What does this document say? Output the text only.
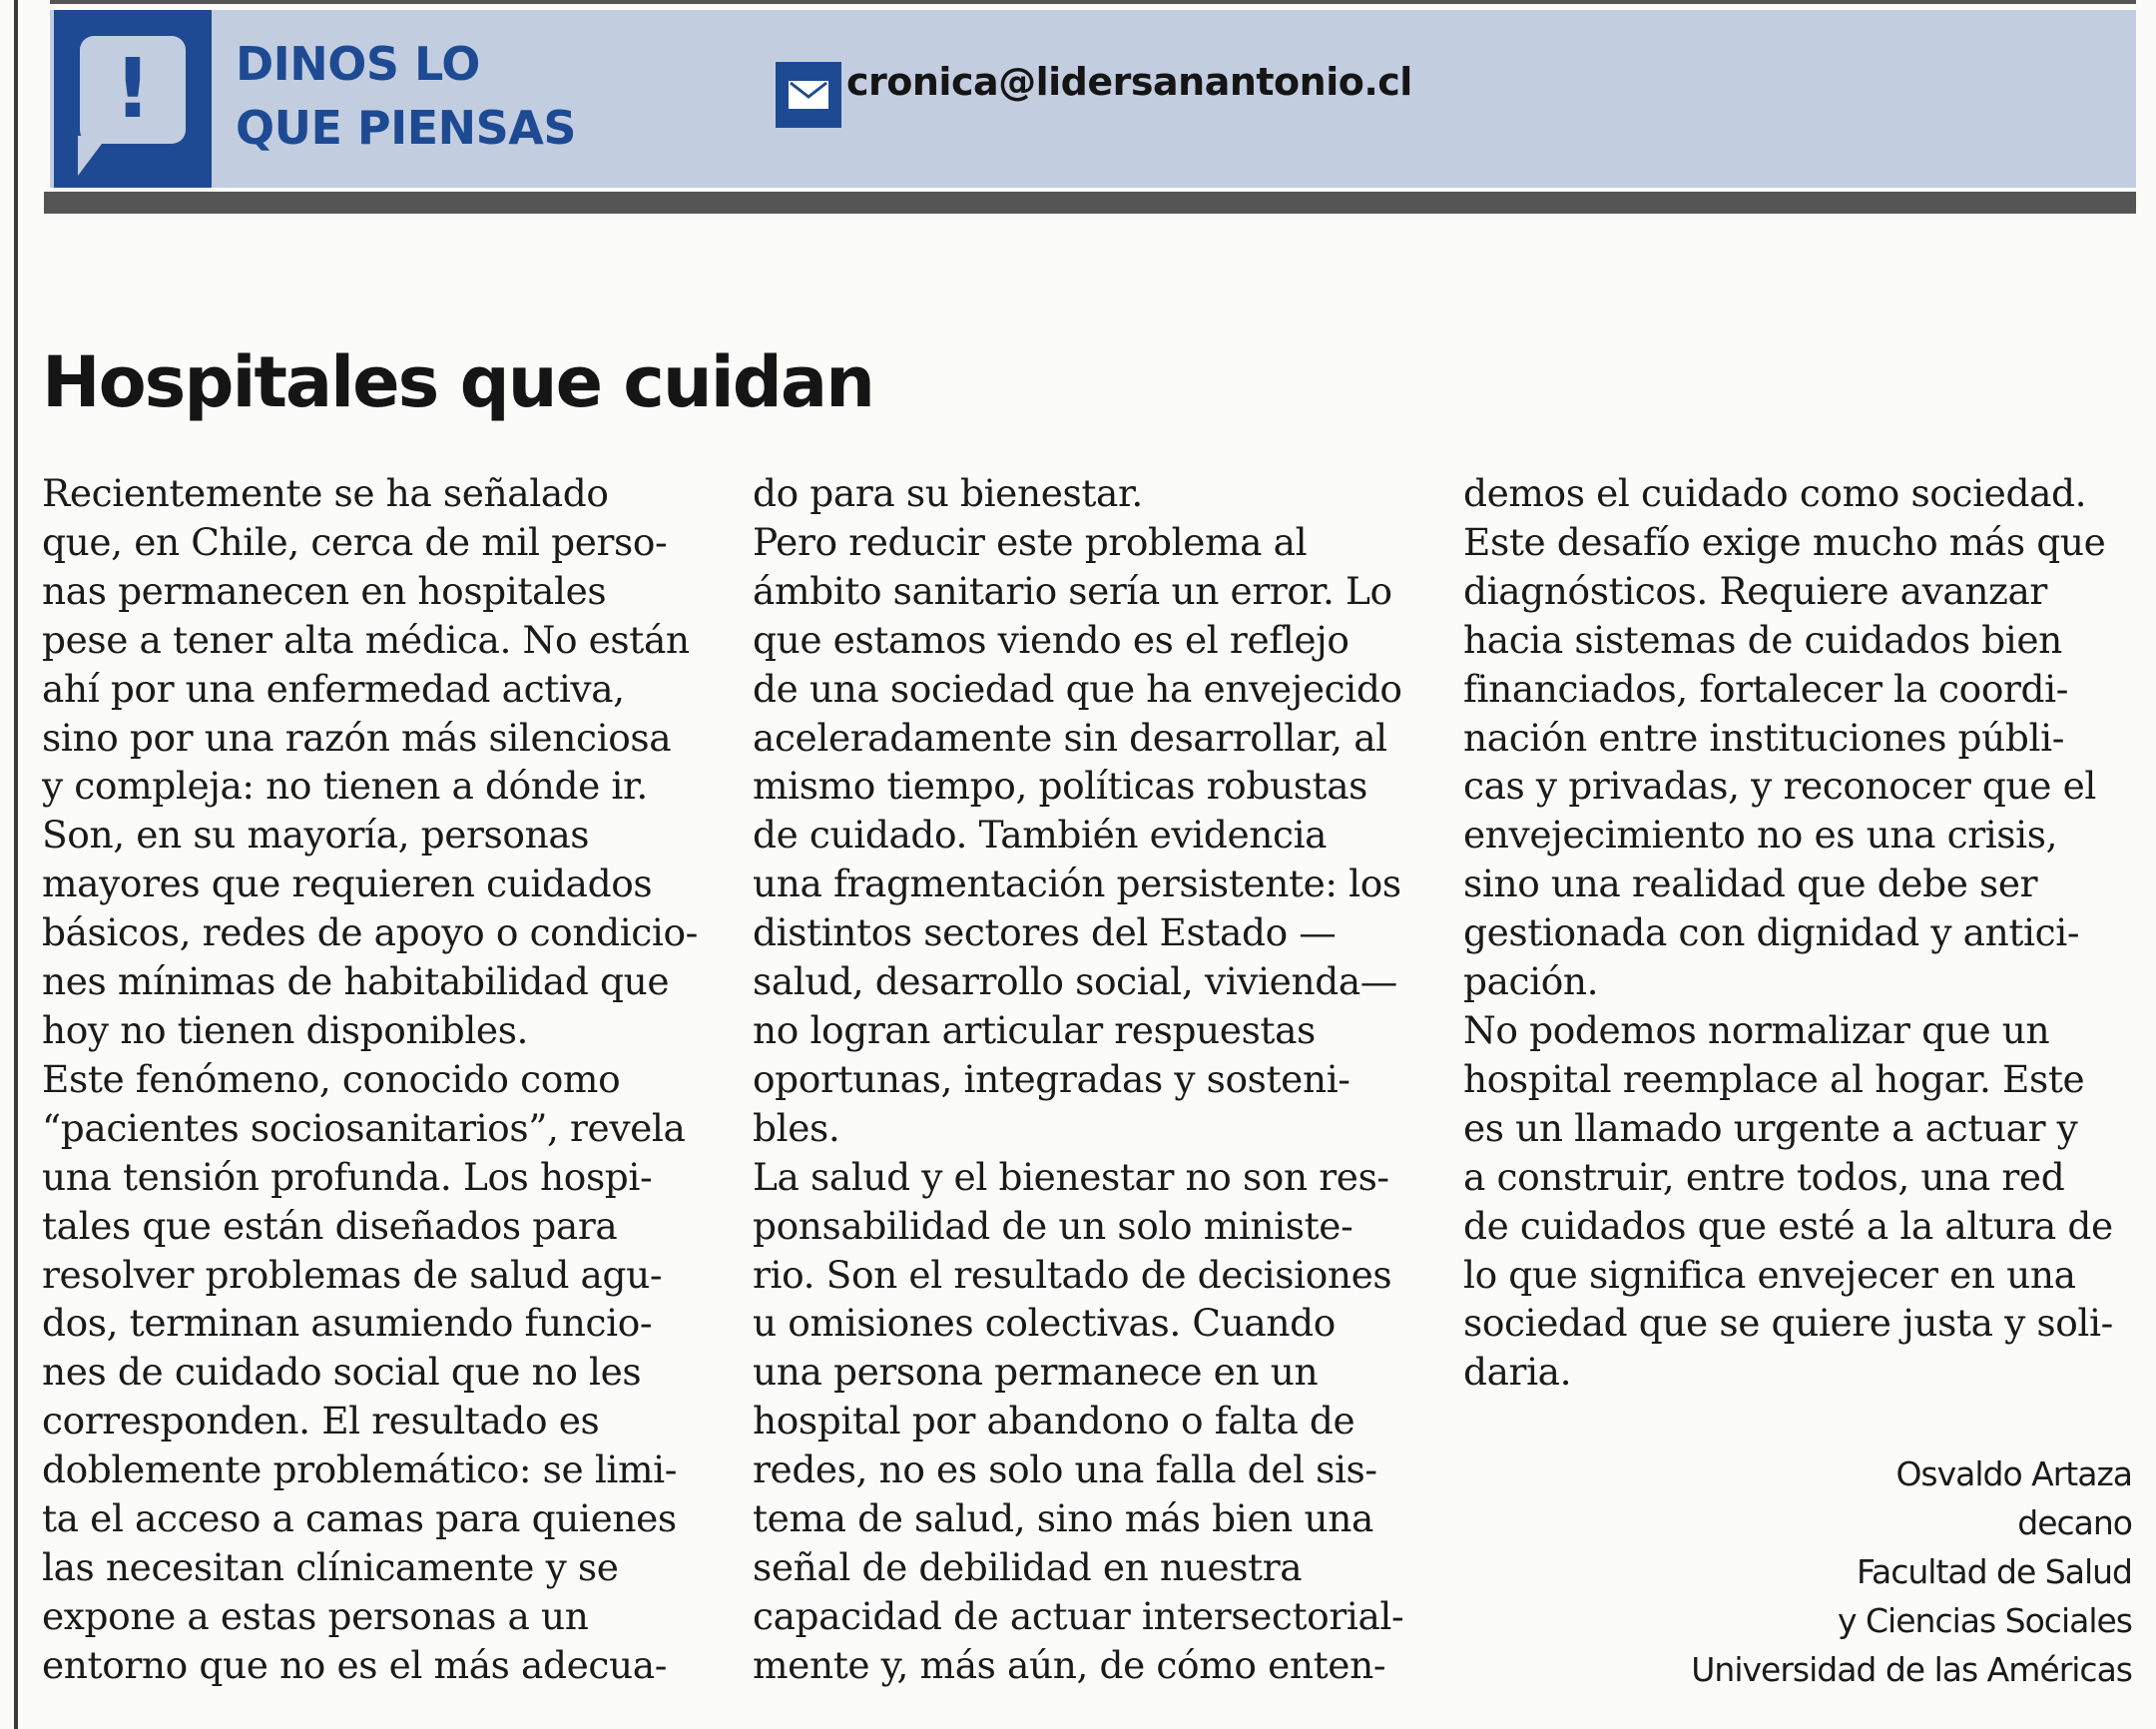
!	DINOS LO
QUE PIENSAS
cronica@lidersanantonio.cl
Hospitales que cuidan
Recientemente se ha señalado
que, en Chile, cerca de mil perso-
nas permanecen en hospitales
pese a tener alta médica. No están
ahí por una enfermedad activa,
sino por una razón más silenciosa
y compleja: no tienen a dónde ir.
Son, en su mayoría, personas
mayores que requieren cuidados
básicos, redes de apoyo o condicio-
nes mínimas de habitabilidad que
hoy no tienen disponibles.
Este fenómeno, conocido como
“pacientes sociosanitarios”, revela
una tensión profunda. Los hospi-
tales que están diseñados para
resolver problemas de salud agu-
dos, terminan asumiendo funcio-
nes de cuidado social que no les
corresponden. El resultado es
doblemente problemático: se limi-
ta el acceso a camas para quienes
las necesitan clínicamente y se
expone a estas personas a un
entorno que no es el más adecua-
do para su bienestar.
Pero reducir este problema al
ámbito sanitario sería un error. Lo
que estamos viendo es el reflejo
de una sociedad que ha envejecido
aceleradamente sin desarrollar, al
mismo tiempo, políticas robustas
de cuidado. También evidencia
una fragmentación persistente: los
distintos sectores del Estado —
salud, desarrollo social, vivienda—
no logran articular respuestas
oportunas, integradas y sosteni-
bles.
La salud y el bienestar no son res-
ponsabilidad de un solo ministe-
rio. Son el resultado de decisiones
u omisiones colectivas. Cuando
una persona permanece en un
hospital por abandono o falta de
redes, no es solo una falla del sis-
tema de salud, sino más bien una
señal de debilidad en nuestra
capacidad de actuar intersectorial-
mente y, más aún, de cómo enten-
demos el cuidado como sociedad.
Este desafío exige mucho más que
diagnósticos. Requiere avanzar
hacia sistemas de cuidados bien
financiados, fortalecer la coordi-
nación entre instituciones públi-
cas y privadas, y reconocer que el
envejecimiento no es una crisis,
sino una realidad que debe ser
gestionada con dignidad y antici-
pación.
No podemos normalizar que un
hospital reemplace al hogar. Este
es un llamado urgente a actuar y
a construir, entre todos, una red
de cuidados que esté a la altura de
lo que significa envejecer en una
sociedad que se quiere justa y soli-
daria.
Osvaldo Artaza
decano
Facultad de Salud
y Ciencias Sociales
Universidad de las Américas
